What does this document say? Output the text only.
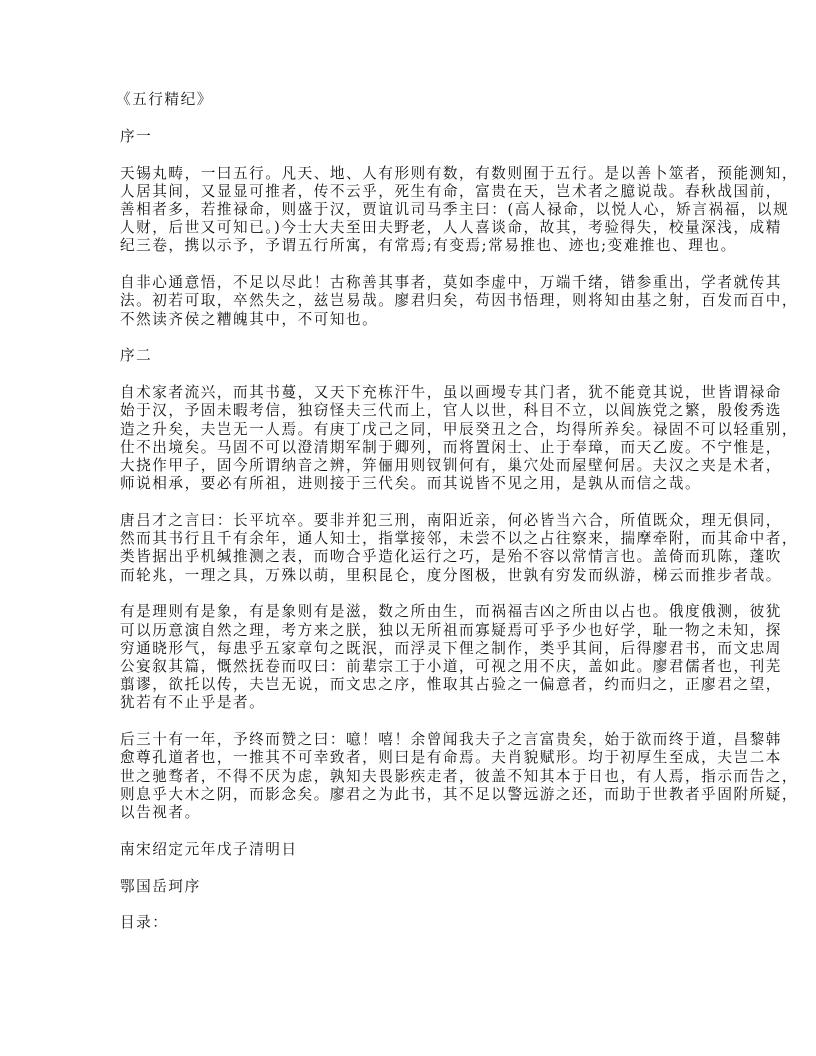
《五行精纪》

序一

天锡丸畴，一曰五行。凡天、地、人有形则有数，有数则囿于五行。是以善卜筮者，预能测知，
人居其间，又显显可推者，传不云乎，死生有命，富贵在天，岂术者之臆说哉。春秋战国前，
善相者多，若推禄命，则盛于汉，贾谊讥司马季主曰：(高人禄命，以悦人心，矫言祸福，以规
人财，后世又可知已。)今士大夫至田夫野老，人人喜谈命，故其，考验得失，校量深浅，成精
纪三卷，携以示予，予谓五行所寓，有常焉;有变焉;常易推也、迹也;变难推也、理也。

自非心通意悟，不足以尽此！古称善其事者，莫如李虚中，万端千绪，错参重出，学者就传其
法。初若可取，卒然失之，兹岂易哉。廖君归矣，苟因书悟理，则将知由基之射，百发而百中，
不然读齐侯之糟魄其中，不可知也。

序二

自术家者流兴，而其书蔓，又天下充栋汗牛，虽以画墁专其门者，犹不能竟其说，世皆谓禄命
始于汉，予固未暇考信，独窃怪夫三代而上，官人以世，科目不立，以闾族党之繁，殷俊秀选
造之升矣，夫岂无一人焉。有庚丁戊己之同，甲辰癸丑之合，均得所养矣。禄固不可以轻重别，
仕不出境矣。马固不可以澄清期军制于卿列，而将置闲士、止于奉璋，而天乙废。不宁惟是，
大挠作甲子，固今所谓纳音之辨，笄俪用则钗钏何有，巢穴处而屋壁何居。夫汉之夹是术者，
师说相承，要必有所祖，进则接于三代矣。而其说皆不见之用，是孰从而信之哉。

唐吕才之言曰：长平坑卒。要非并犯三刑，南阳近亲，何必皆当六合，所值既众，理无俱同，
然而其书行且千有余年，通人知士，指掌接邻，未尝不以之占往察来，揣摩牵附，而其命中者，
类皆据出乎机缄推测之表，而吻合乎造化运行之巧，是殆不容以常情言也。盖倚而玑陈，蓬吹
而轮兆，一理之具，万殊以萌，里积昆仑，度分图极，世孰有穷发而纵游，梯云而推步者哉。

有是理则有是象，有是象则有是滋，数之所由生，而祸福吉凶之所由以占也。俄度俄测，彼犹
可以历意演自然之理，考方来之朕，独以无所祖而寡疑焉可乎予少也好学，耻一物之未知，探
穷通晓形气，每患乎五家章句之既泯，而浮灵下俚之制作，类乎其间，后得廖君书，而文忠周
公宴叙其篇，慨然抚卷而叹曰：前辈宗工于小道，可视之用不庆，盖如此。廖君儒者也，刊芜
翦谬，欲托以传，夫岂无说，而文忠之序，惟取其占验之一偏意者，约而归之，正廖君之望，
犹若有不止乎是者。

后三十有一年，予终而赞之曰：噫！嘻！余曾闻我夫子之言富贵矣，始于欲而终于道，昌黎韩
愈尊孔道者也，一推其不可幸致者，则曰是有命焉。夫肖貌赋形。均于初厚生至成，夫岂二本
世之驰骛者，不得不厌为虑，孰知夫畏影疾走者，彼盖不知其本于日也，有人焉，指示而告之，
则息乎大木之阴，而影念矣。廖君之为此书，其不足以警远游之还，而助于世教者乎固附所疑，
以告视者。

南宋绍定元年戊子清明日

鄂国岳珂序

目录：
